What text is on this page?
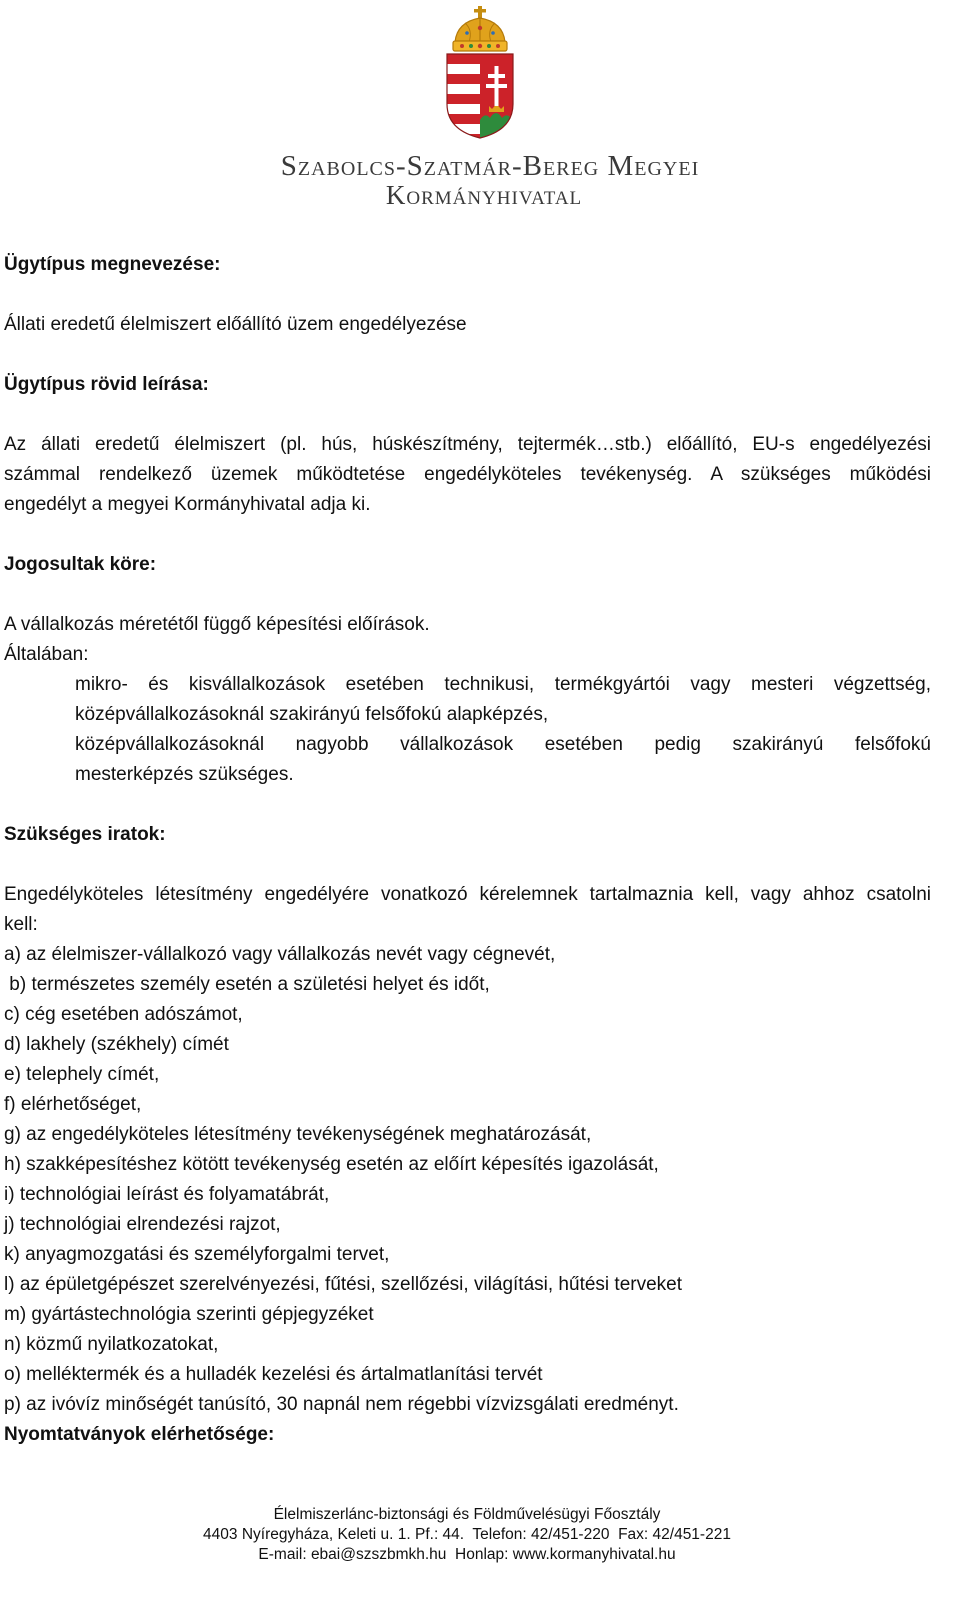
Szabolcs-Szatmár-Bereg Megyei
Kormányhivatal

Ügytípus megnevezése:

Állati eredetű élelmiszert előállító üzem engedélyezése

Ügytípus rövid leírása:

Az állati eredetű élelmiszert (pl. hús, húskészítmény, tejtermék…stb.) előállító, EU-s engedélyezési

számmal rendelkező üzemek működtetése engedélyköteles tevékenység. A szükséges működési

engedélyt a megyei Kormányhivatal adja ki.

Jogosultak köre:

A vállalkozás méretétől függő képesítési előírások.

Általában:

mikro- és kisvállalkozások esetében technikusi, termékgyártói vagy mesteri végzettség,

középvállalkozásoknál szakirányú felsőfokú alapképzés,

középvállalkozásoknál nagyobb vállalkozások esetében pedig szakirányú felsőfokú

mesterképzés szükséges.

Szükséges iratok:

Engedélyköteles létesítmény engedélyére vonatkozó kérelemnek tartalmaznia kell, vagy ahhoz csatolni

kell:

a) az élelmiszer-vállalkozó vagy vállalkozás nevét vagy cégnevét,

b) természetes személy esetén a születési helyet és időt,

c) cég esetében adószámot,

d) lakhely (székhely) címét

e) telephely címét,

f) elérhetőséget,

g) az engedélyköteles létesítmény tevékenységének meghatározását,

h) szakképesítéshez kötött tevékenység esetén az előírt képesítés igazolását,

i) technológiai leírást és folyamatábrát,

j) technológiai elrendezési rajzot,

k) anyagmozgatási és személyforgalmi tervet,

l) az épületgépészet szerelvényezési, fűtési, szellőzési, világítási, hűtési terveket

m) gyártástechnológia szerinti gépjegyzéket

n) közmű nyilatkozatokat,

o) melléktermék és a hulladék kezelési és ártalmatlanítási tervét

p) az ivóvíz minőségét tanúsító, 30 napnál nem régebbi vízvizsgálati eredményt.

Nyomtatványok elérhetősége:

Élelmiszerlánc-biztonsági és Földművelésügyi Főosztály
4403 Nyíregyháza, Keleti u. 1. Pf.: 44.  Telefon: 42/451-220  Fax: 42/451-221
E-mail: ebai@szszbmkh.hu  Honlap: www.kormanyhivatal.hu
